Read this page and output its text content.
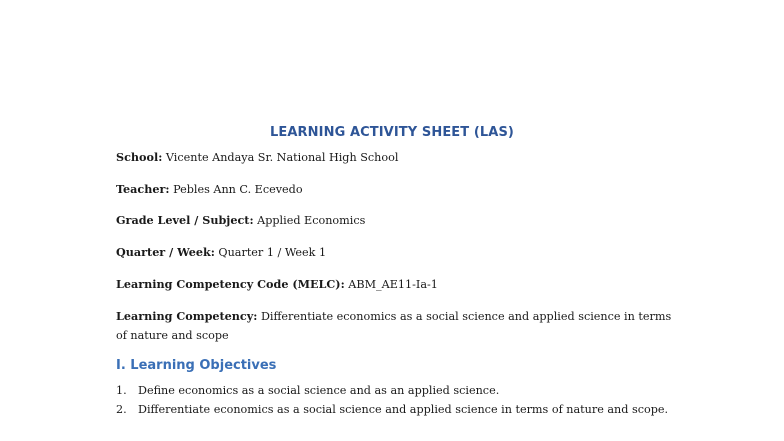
LEARNING ACTIVITY SHEET (LAS)
School: Vicente Andaya Sr. National High School
Teacher: Pebles Ann C. Ecevedo
Grade Level / Subject: Applied Economics
Quarter / Week: Quarter 1 / Week 1
Learning Competency Code (MELC): ABM_AE11-Ia-1
Learning Competency: Differentiate economics as a social science and applied science in terms of nature and scope
I. Learning Objectives
1. Define economics as a social science and as an applied science.
2. Differentiate economics as a social science and applied science in terms of nature and scope.
